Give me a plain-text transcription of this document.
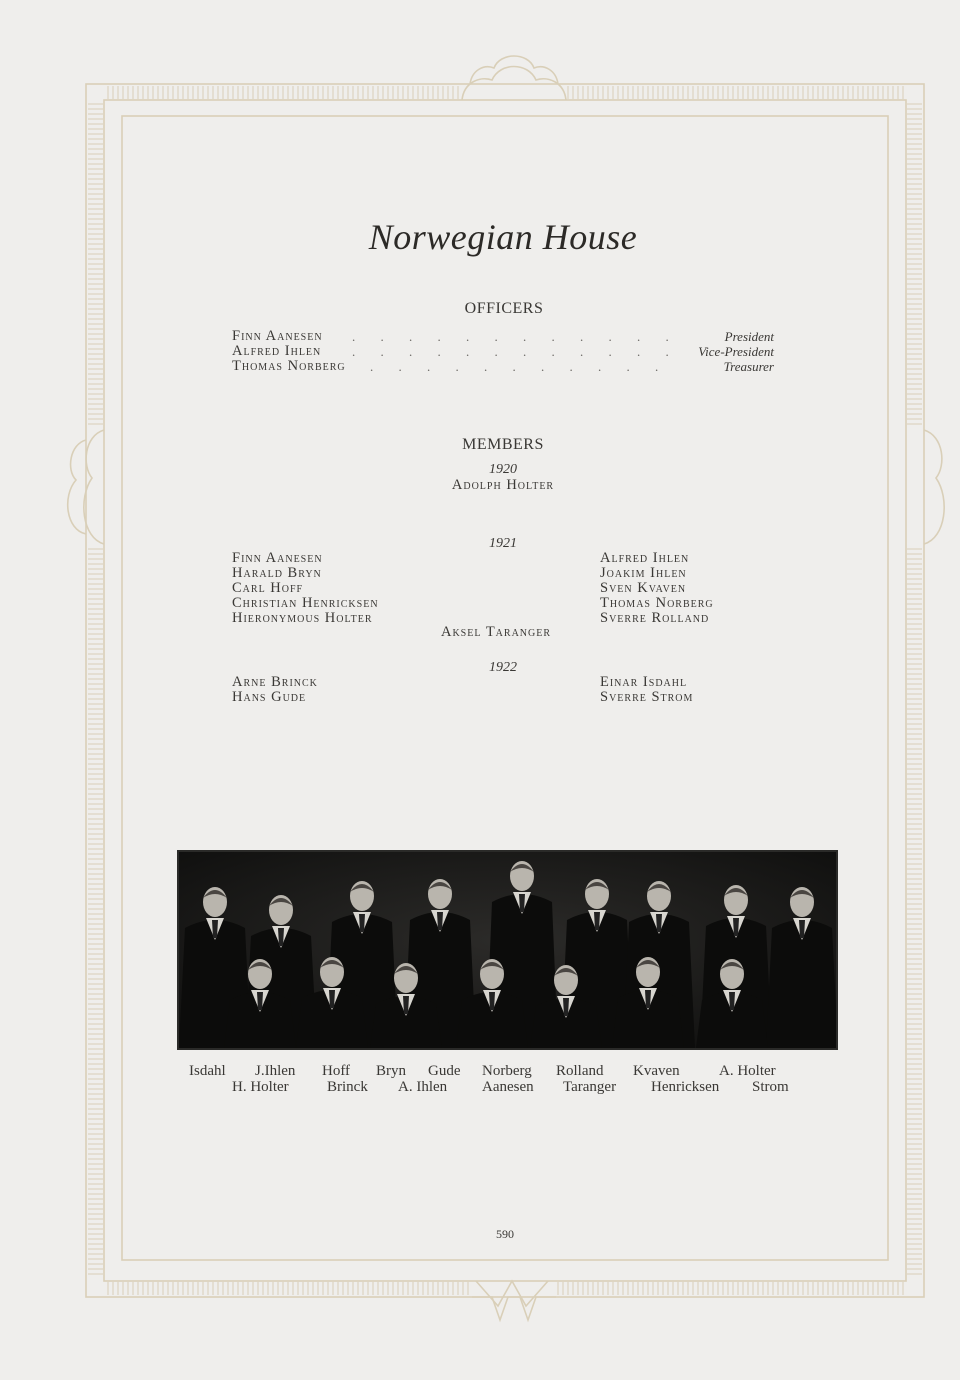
Norwegian House
OFFICERS
Finn Aanesen
Alfred Ihlen
Thomas Norberg
. . . . . . . . . . . .
. . . . . . . . . . . .
. . . . . . . . . . .
President
Vice-President
Treasurer
MEMBERS
1920
Adolph Holter
1921
Finn Aanesen
Harald Bryn
Carl Hoff
Christian Henricksen
Hieronymous Holter
Alfred Ihlen
Joakim Ihlen
Sven Kvaven
Thomas Norberg
Sverre Rolland
Aksel Taranger
1922
Arne Brinck
Hans Gude
Einar Isdahl
Sverre Strom
Isdahl J.Ihlen Hoff Bryn Gude Norberg Rolland Kvaven	A. Holter
H. Holter	Brinck A. Ihlen Aanesen Taranger Henricksen Strom
590
